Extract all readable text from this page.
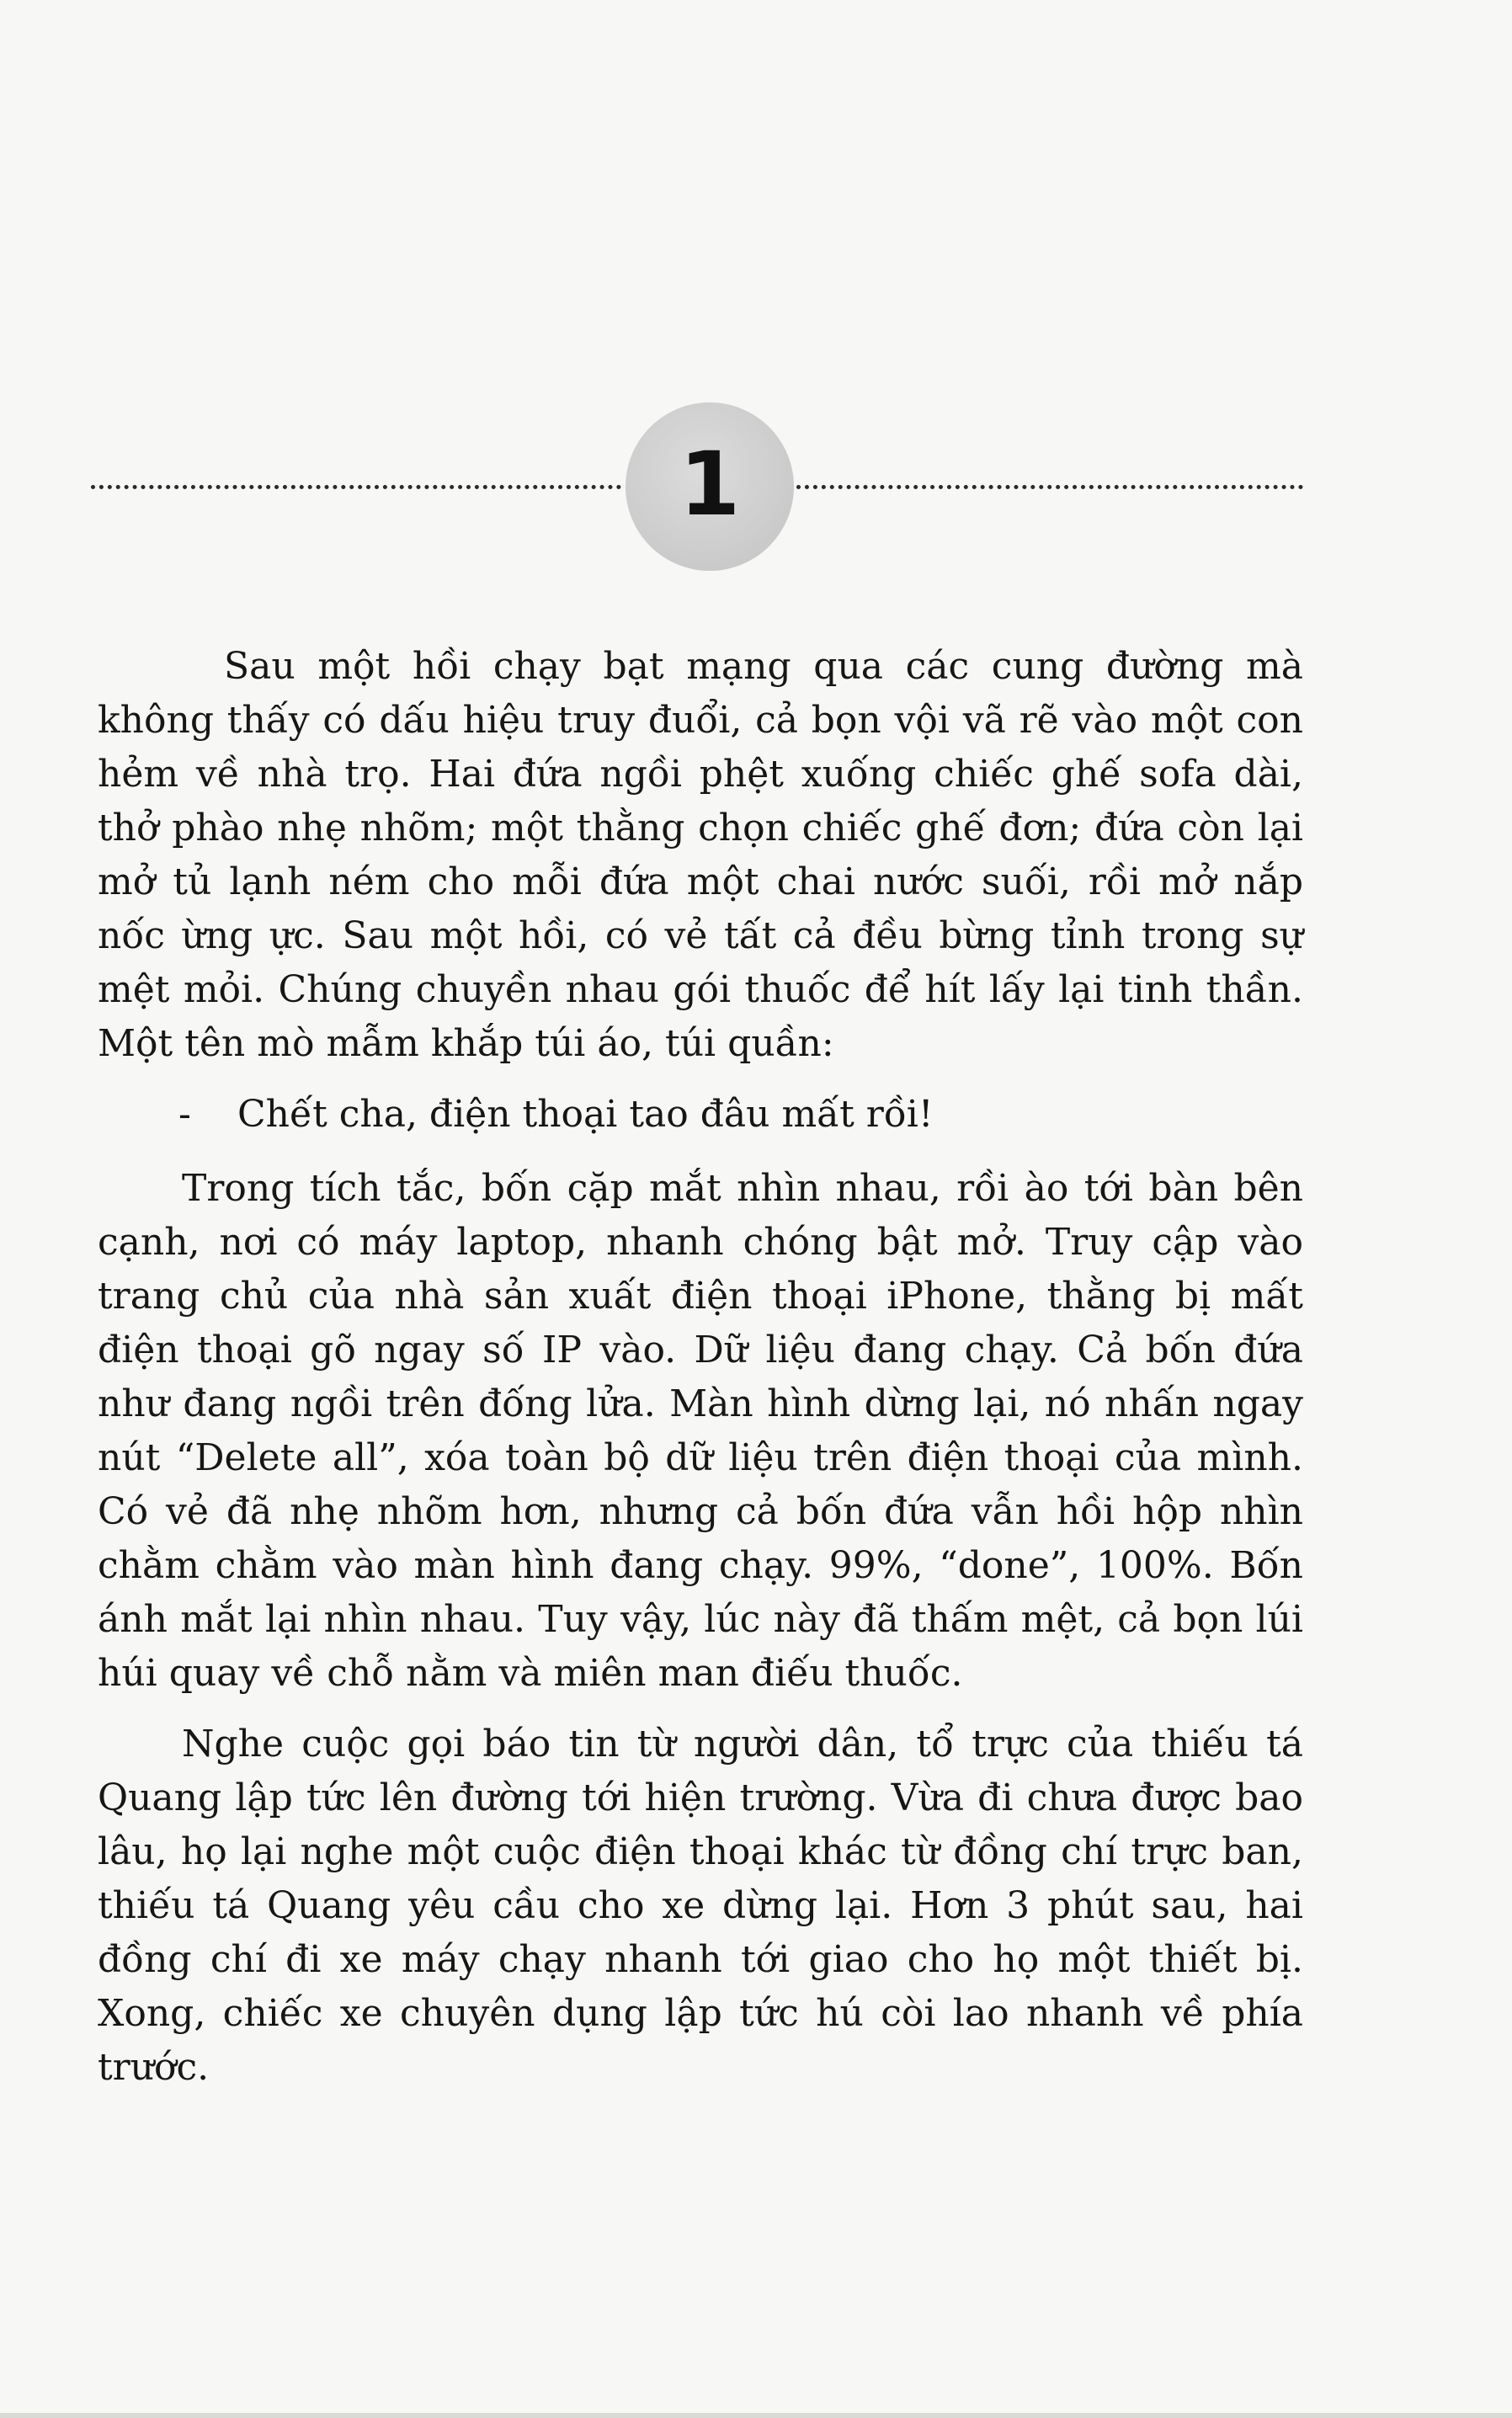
1

Sau một hồi chạy bạt mạng qua các cung đường mà không thấy có dấu hiệu truy đuổi, cả bọn vội vã rẽ vào một con hẻm về nhà trọ. Hai đứa ngồi phệt xuống chiếc ghế sofa dài, thở phào nhẹ nhõm; một thằng chọn chiếc ghế đơn; đứa còn lại mở tủ lạnh ném cho mỗi đứa một chai nước suối, rồi mở nắp nốc ừng ực. Sau một hồi, có vẻ tất cả đều bừng tỉnh trong sự mệt mỏi. Chúng chuyền nhau gói thuốc để hít lấy lại tinh thần. Một tên mò mẫm khắp túi áo, túi quần:

-	Chết cha, điện thoại tao đâu mất rồi!

Trong tích tắc, bốn cặp mắt nhìn nhau, rồi ào tới bàn bên cạnh, nơi có máy laptop, nhanh chóng bật mở. Truy cập vào trang chủ của nhà sản xuất điện thoại iPhone, thằng bị mất điện thoại gõ ngay số IP vào. Dữ liệu đang chạy. Cả bốn đứa như đang ngồi trên đống lửa. Màn hình dừng lại, nó nhấn ngay nút “Delete all”, xóa toàn bộ dữ liệu trên điện thoại của mình. Có vẻ đã nhẹ nhõm hơn, nhưng cả bốn đứa vẫn hồi hộp nhìn chằm chằm vào màn hình đang chạy. 99%, “done”, 100%. Bốn ánh mắt lại nhìn nhau. Tuy vậy, lúc này đã thấm mệt, cả bọn lúi húi quay về chỗ nằm và miên man điếu thuốc.

Nghe cuộc gọi báo tin từ người dân, tổ trực của thiếu tá Quang lập tức lên đường tới hiện trường. Vừa đi chưa được bao lâu, họ lại nghe một cuộc điện thoại khác từ đồng chí trực ban, thiếu tá Quang yêu cầu cho xe dừng lại. Hơn 3 phút sau, hai đồng chí đi xe máy chạy nhanh tới giao cho họ một thiết bị. Xong, chiếc xe chuyên dụng lập tức hú còi lao nhanh về phía trước.
